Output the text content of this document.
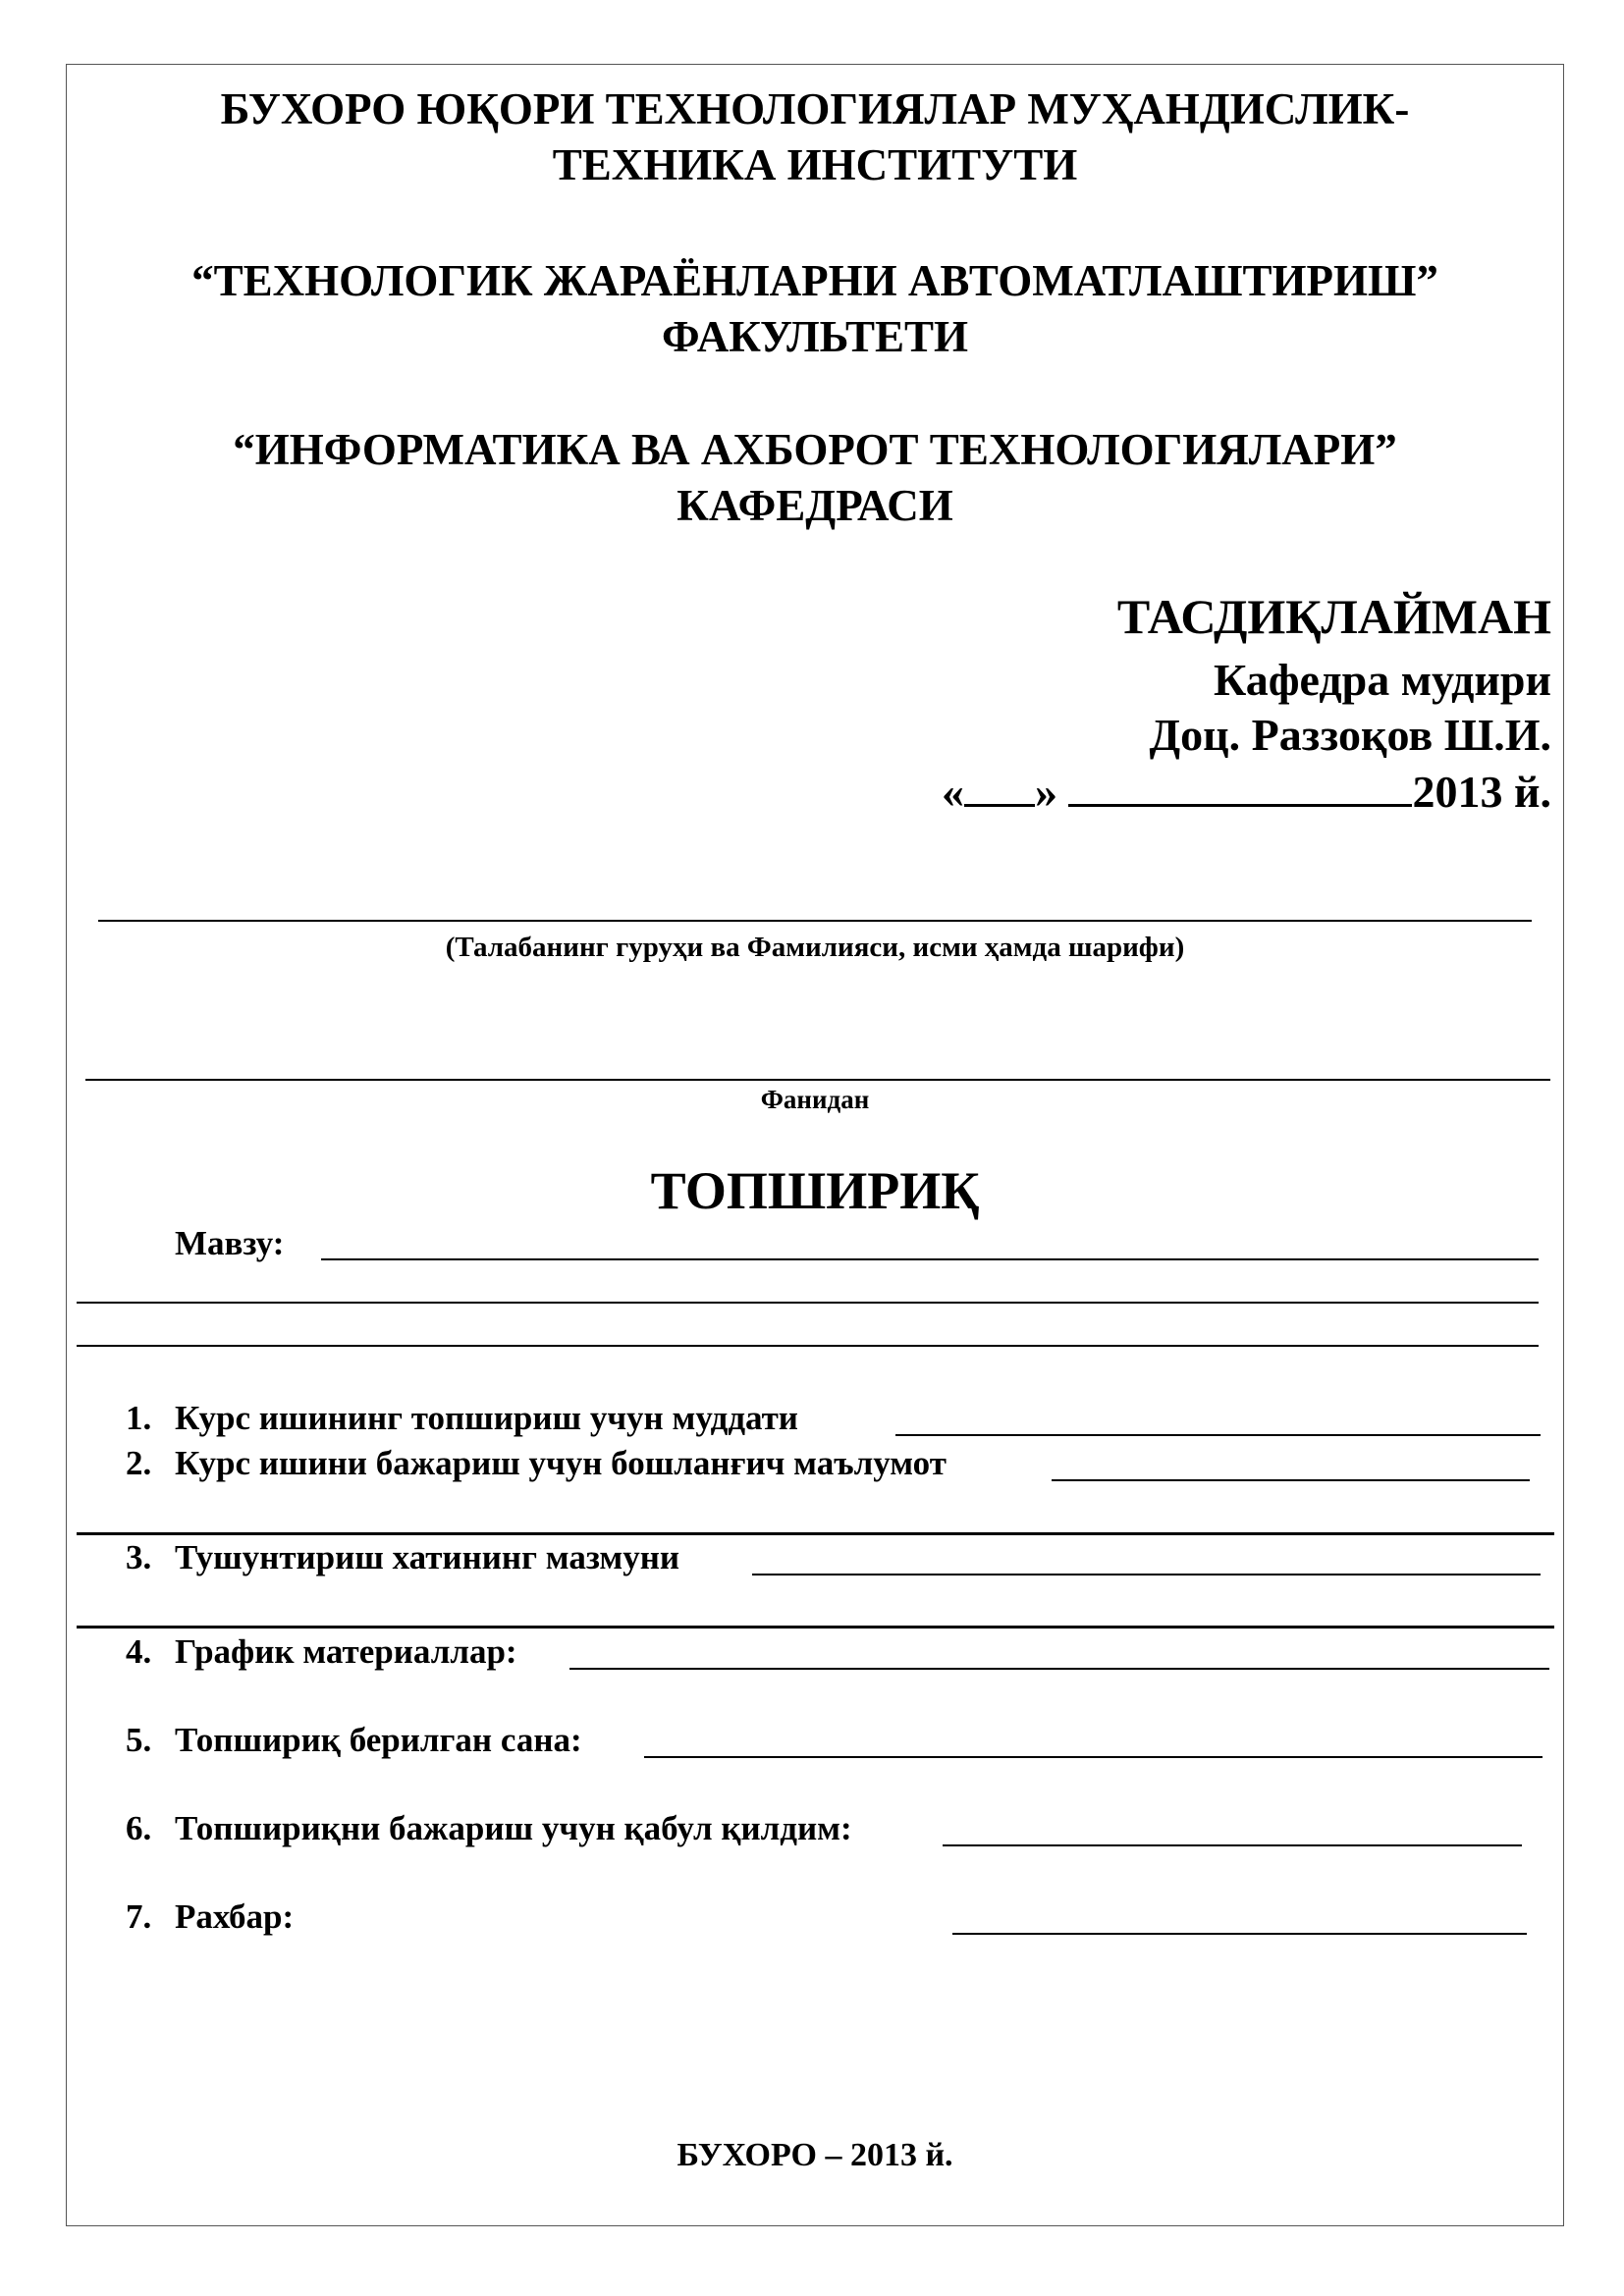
БУХОРО ЮҚОРИ ТЕХНОЛОГИЯЛАР МУҲАНДИСЛИК-
ТЕХНИКА ИНСТИТУТИ
“ТЕХНОЛОГИК ЖАРАЁНЛАРНИ АВТОМАТЛАШТИРИШ”
ФАКУЛЬТЕТИ
“ИНФОРМАТИКА ВА АХБОРОТ ТЕХНОЛОГИЯЛАРИ”
КАФЕДРАСИ
ТАСДИҚЛАЙМАН
Кафедра мудири
Доц. Раззоқов Ш.И.
« »	2013 й.
(Талабанинг гуруҳи ва Фамилияси, исми ҳамда шарифи)
Фанидан
ТОПШИРИҚ
Мавзу:
1. Курс ишининг топшириш учун муддати
2. Курс ишини бажариш учун бошланғич маълумот
3. Тушунтириш хатининг мазмуни
4. График материаллар:
5. Топшириқ берилган сана:
6. Топшириқни бажариш учун қабул қилдим:
7. Рахбар:
БУХОРО – 2013 й.
